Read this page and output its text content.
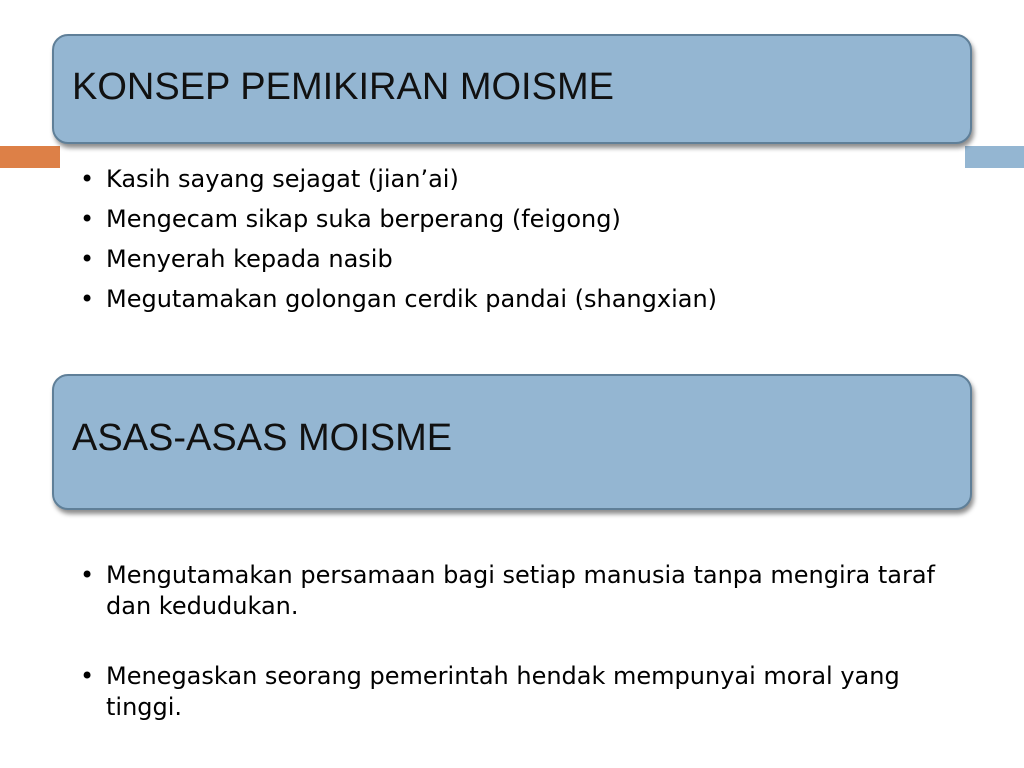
KONSEP PEMIKIRAN MOISME
• Kasih sayang sejagat (jian’ai)
• Mengecam sikap suka berperang (feigong)
• Menyerah kepada nasib
• Megutamakan golongan cerdik pandai (shangxian)
ASAS-ASAS MOISME
• Mengutamakan persamaan bagi setiap manusia tanpa mengira taraf dan kedudukan.
• Menegaskan seorang pemerintah hendak mempunyai moral yang tinggi.
